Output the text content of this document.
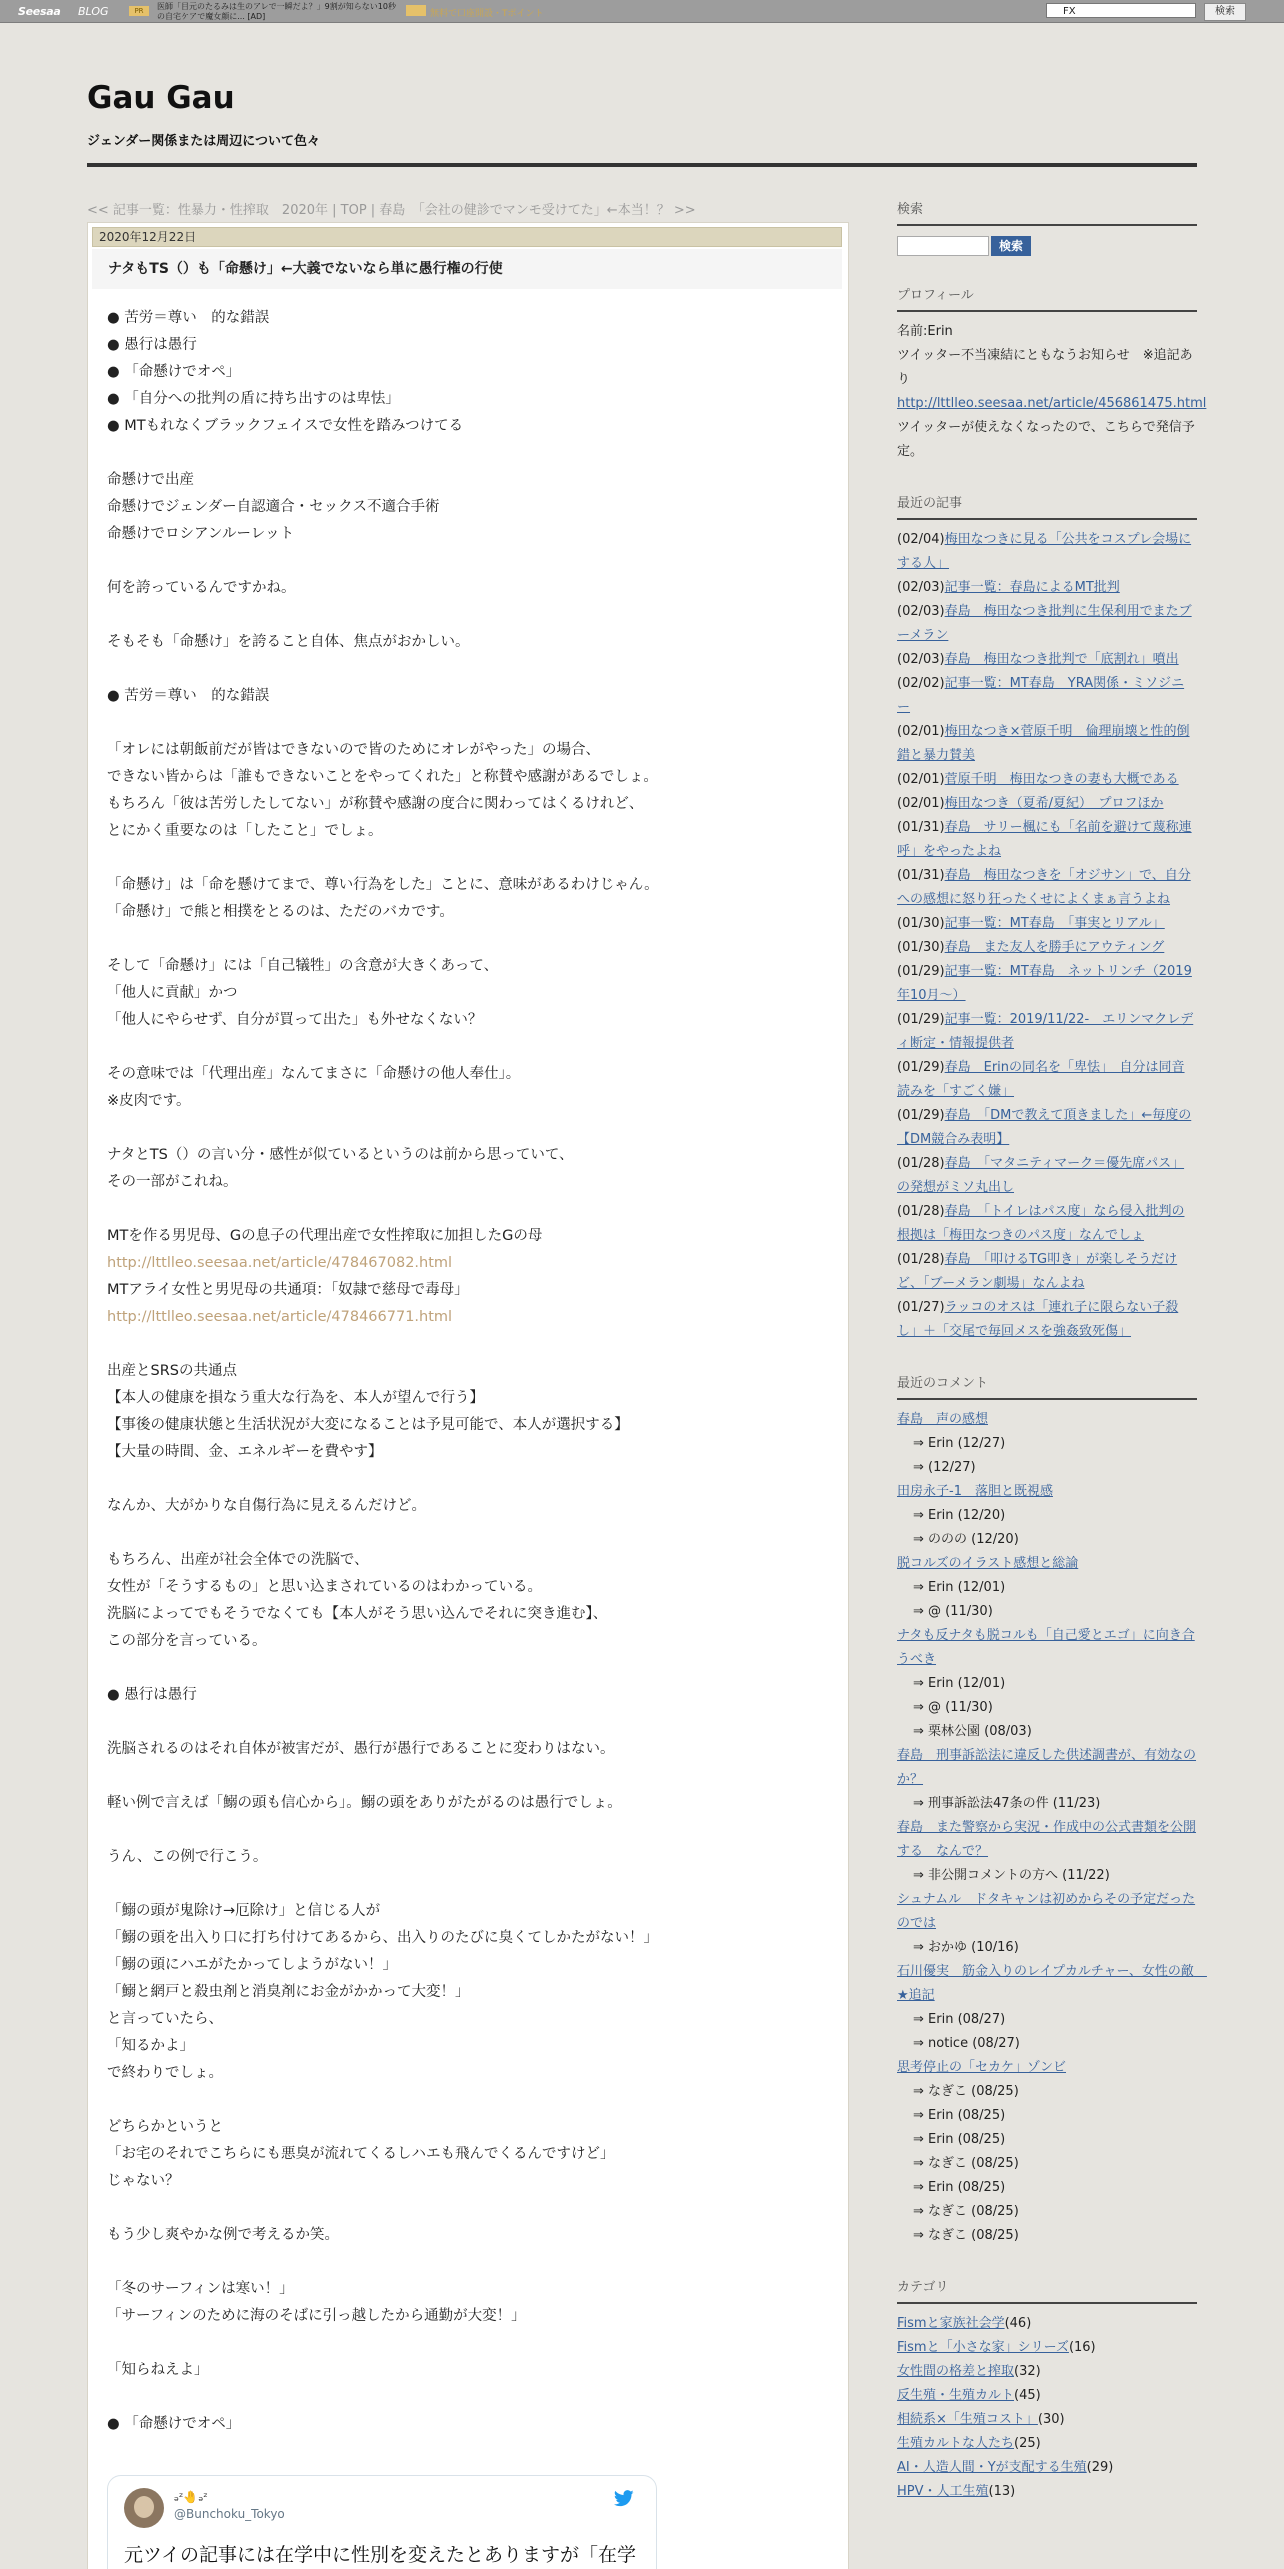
Seesaa BLOG	PR	医師「目元のたるみは生のアレで一瞬だよ？」9割が知らない10秒の自宅ケアで魔女顔に... [AD]	無料で口座開設・Tポイント	FX	検索
Gau Gau
ジェンダー関係または周辺について色々
<< 記事一覧：性暴力・性搾取　2020年 | TOP | 春島　「会社の健診でマンモ受けてた」←本当！？ >>
2020年12月22日
ナタもTS（）も「命懸け」←大義でないなら単に愚行権の行使
● 苦労＝尊い　的な錯誤
● 愚行は愚行
● 「命懸けでオペ」
● 「自分への批判の盾に持ち出すのは卑怯」
● MTもれなくブラックフェイスで女性を踏みつけてる
命懸けで出産
命懸けでジェンダー自認適合・セックス不適合手術
命懸けでロシアンルーレット
何を誇っているんですかね。
そもそも「命懸け」を誇ること自体、焦点がおかしい。
● 苦労＝尊い　的な錯誤
「オレには朝飯前だが皆はできないので皆のためにオレがやった」の場合、
できない皆からは「誰もできないことをやってくれた」と称賛や感謝があるでしょ。
もちろん「彼は苦労したしてない」が称賛や感謝の度合に関わってはくるけれど、
とにかく重要なのは「したこと」でしょ。
「命懸け」は「命を懸けてまで、尊い行為をした」ことに、意味があるわけじゃん。
「命懸け」で熊と相撲をとるのは、ただのバカです。
そして「命懸け」には「自己犠牲」の含意が大きくあって、
「他人に貢献」かつ
「他人にやらせず、自分が買って出た」も外せなくない？
その意味では「代理出産」なんてまさに「命懸けの他人奉仕」。
※皮肉です。
ナタとTS（）の言い分・感性が似ているというのは前から思っていて、
その一部がこれね。
MTを作る男児母、Gの息子の代理出産で女性搾取に加担したGの母
http://lttlleo.seesaa.net/article/478467082.html
MTアライ女性と男児母の共通項：「奴隷で慈母で毒母」
http://lttlleo.seesaa.net/article/478466771.html
出産とSRSの共通点
【本人の健康を損なう重大な行為を、本人が望んで行う】
【事後の健康状態と生活状況が大変になることは予見可能で、本人が選択する】
【大量の時間、金、エネルギーを費やす】
なんか、大がかりな自傷行為に見えるんだけど。
もちろん、出産が社会全体での洗脳で、
女性が「そうするもの」と思い込まされているのはわかっている。
洗脳によってでもそうでなくても【本人がそう思い込んでそれに突き進む】、
この部分を言っている。
● 愚行は愚行
洗脳されるのはそれ自体が被害だが、愚行が愚行であることに変わりはない。
軽い例で言えば「鰯の頭も信心から」。鰯の頭をありがたがるのは愚行でしょ。
うん、この例で行こう。
「鰯の頭が鬼除け→厄除け」と信じる人が
「鰯の頭を出入り口に打ち付けてあるから、出入りのたびに臭くてしかたがない！」
「鰯の頭にハエがたかってしようがない！」
「鰯と網戸と殺虫剤と消臭剤にお金がかかって大変！」
と言っていたら、
「知るかよ」
で終わりでしょ。
どちらかというと
「お宅のそれでこちらにも悪臭が流れてくるしハエも飛んでくるんですけど」
じゃない？
もう少し爽やかな例で考えるか笑。
「冬のサーフィンは寒い！」
「サーフィンのために海のそばに引っ越したから通勤が大変！」
「知らねえよ」
● 「命懸けでオペ」
ₔᶻ🤚ₔᶻ
@Bunchoku_Tokyo
元ツイの記事には在学中に性別を変えたとありますが「在学
検索
検索
プロフィール
名前:Erin
ツイッター不当凍結にともなうお知らせ　※追記あり
http://lttlleo.seesaa.net/article/456861475.html
ツイッターが使えなくなったので、こちらで発信予定。
最近の記事
(02/04)梅田なつきに見る「公共をコスプレ会場にする人」
(02/03)記事一覧：春島によるMT批判
(02/03)春島　梅田なつき批判に生保利用でまたブーメラン
(02/03)春島　梅田なつき批判で「底割れ」噴出
(02/02)記事一覧：MT春島　YRA関係・ミソジニー
(02/01)梅田なつき×菅原千明　倫理崩壊と性的倒錯と暴力賛美
(02/01)菅原千明　梅田なつきの妻も大概である
(02/01)梅田なつき（夏希/夏紀）　プロフほか
(01/31)春島　サリー楓にも「名前を避けて蔑称連呼」をやったよね
(01/31)春島　梅田なつきを「オジサン」で、自分への感想に怒り狂ったくせによくまぁ言うよね
(01/30)記事一覧：MT春島　「事実とリアル」
(01/30)春島　また友人を勝手にアウティング
(01/29)記事一覧：MT春島　ネットリンチ（2019年10月～）
(01/29)記事一覧：2019/11/22-　エリンマクレディ断定・情報提供者
(01/29)春島　Erinの同名を「卑怯」　自分は同音読みを「すごく嫌」
(01/29)春島　「DMで教えて頂きました」←毎度の【DM競合み表明】
(01/28)春島　「マタニティマーク＝優先席パス」の発想がミソ丸出し
(01/28)春島　「トイレはパス度」なら侵入批判の根拠は「梅田なつきのパス度」なんでしょ
(01/28)春島　「叩けるTG叩き」が楽しそうだけど、「ブーメラン劇場」なんよね
(01/27)ラッコのオスは「連れ子に限らない子殺し」＋「交尾で毎回メスを強姦致死傷」
最近のコメント
春島　声の感想
⇒ Erin (12/27)
⇒ (12/27)
田房永子-1　落胆と既視感
⇒ Erin (12/20)
⇒ ののの (12/20)
脱コルズのイラスト感想と総論
⇒ Erin (12/01)
⇒ @ (11/30)
ナタも反ナタも脱コルも「自己愛とエゴ」に向き合うべき
⇒ Erin (12/01)
⇒ @ (11/30)
⇒ 栗林公園 (08/03)
春島　刑事訴訟法に違反した供述調書が、有効なのか？
⇒ 刑事訴訟法47条の件 (11/23)
春島　また警察から実況・作成中の公式書類を公開する　なんで？
⇒ 非公開コメントの方へ (11/22)
シュナムル　ドタキャンは初めからその予定だったのでは
⇒ おかゆ (10/16)
石川優実　筋金入りのレイプカルチャー、女性の敵　★追記
⇒ Erin (08/27)
⇒ notice (08/27)
思考停止の「セカケ」ゾンビ
⇒ なぎこ (08/25)
⇒ Erin (08/25)
⇒ Erin (08/25)
⇒ なぎこ (08/25)
⇒ Erin (08/25)
⇒ なぎこ (08/25)
⇒ なぎこ (08/25)
カテゴリ
Fismと家族社会学(46)
Fismと「小さな家」シリーズ(16)
女性間の格差と搾取(32)
反生殖・生殖カルト(45)
相続系×「生殖コスト」(30)
生殖カルトな人たち(25)
AI・人造人間・Yが支配する生殖(29)
HPV・人工生殖(13)
